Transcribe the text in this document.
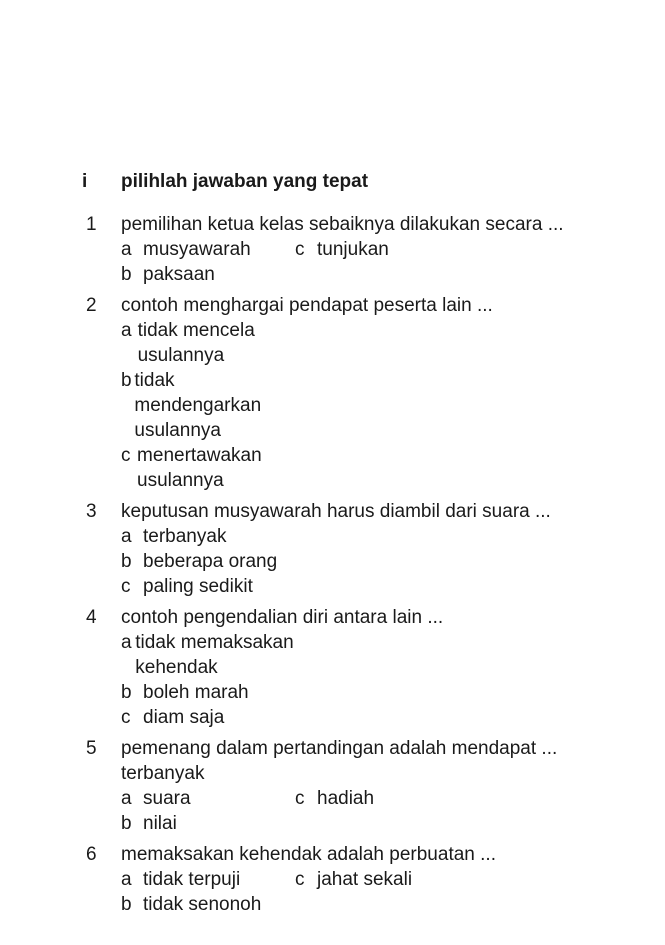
i pilihlah jawaban yang tepat
1	pemilihan ketua kelas sebaiknya dilakukan secara ...
a musyawarah c tunjukan
b paksaan
2	contoh menghargai pendapat peserta lain ...
a tidak mencela usulannya
b tidak mendengarkan usulannya
c menertawakan usulannya
3	keputusan musyawarah harus diambil dari suara ...
a terbanyak
b beberapa orang
c paling sedikit
4	contoh pengendalian diri antara lain ...
a tidak memaksakan kehendak
b boleh marah
c diam saja
5	pemenang dalam pertandingan adalah mendapat ...
terbanyak
a suara	c hadiah
b nilai
6	memaksakan kehendak adalah perbuatan ...
a tidak terpuji	c jahat sekali
b tidak senonoh
